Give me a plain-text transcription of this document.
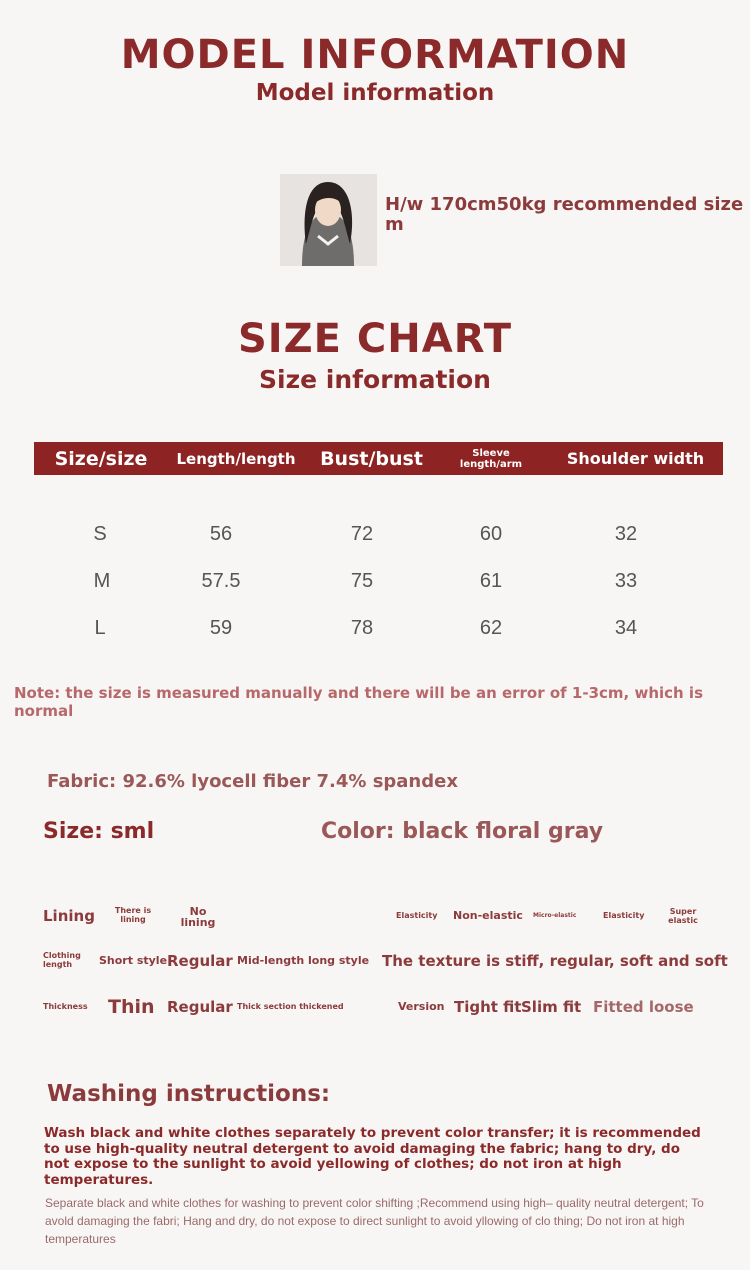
MODEL INFORMATION
Model information
H/w 170cm50kg recommended size m
SIZE CHART
Size information
Size/size	Length/length	Bust/bust	Sleeve length/arm	Shoulder width
S	56	72	60	32
M	57.5	75	61	33
L	59	78	62	34
Note: the size is measured manually and there will be an error of 1-3cm, which is normal
Fabric: 92.6% lyocell fiber 7.4% spandex
Size: sml	Color: black floral gray
Lining	There is lining
No lining
Elasticity Non-elastic Micro-elastic	Elasticity	Super elastic
Clothing length	Short style Regular Mid-length long style The texture is stiff, regular, soft and soft
Thickness Thin Regular Thick section thickened	Version Tight fit Slim fit Fitted loose
Washing instructions:
Wash black and white clothes separately to prevent color transfer; it is recommended to use high-quality neutral detergent to avoid damaging the fabric; hang to dry, do not expose to the sunlight to avoid yellowing of clothes; do not iron at high temperatures.
Separate black and white clothes for washing to prevent color shifting ;Recommend using high– quality neutral detergent; To avold damaging the fabri; Hang and dry, do not expose to direct sunlight to avoid yllowing of clo thing; Do not iron at high temperatures
